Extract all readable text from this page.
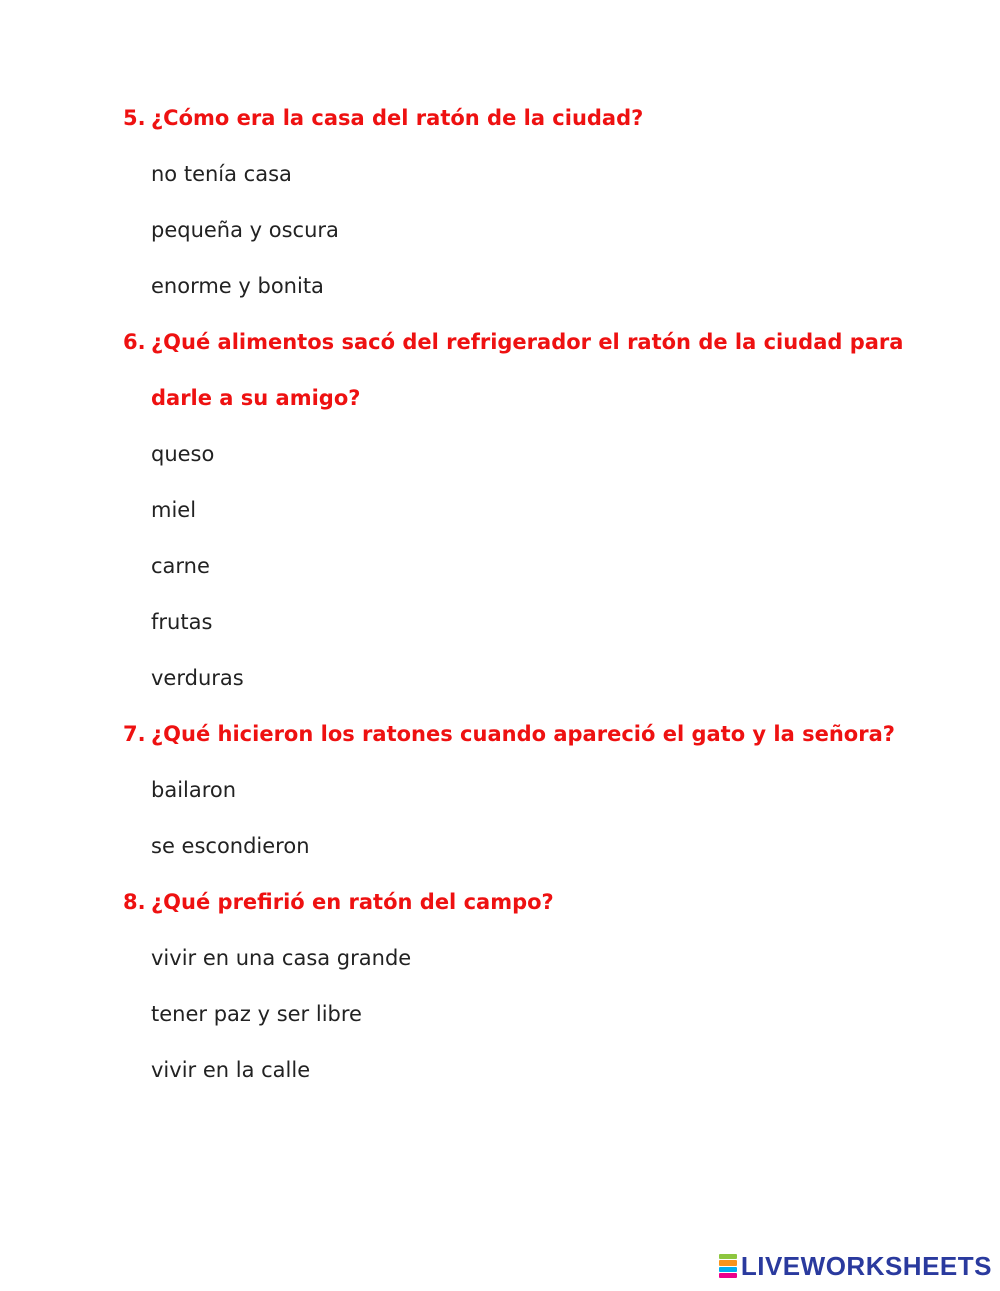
5. ¿Cómo era la casa del ratón de la ciudad?
no tenía casa
pequeña y oscura
enorme y bonita
6. ¿Qué alimentos sacó del refrigerador el ratón de la ciudad para
darle a su amigo?
queso
miel
carne
frutas
verduras
7. ¿Qué hicieron los ratones cuando apareció el gato y la señora?
bailaron
se escondieron
8. ¿Qué prefirió en ratón del campo?
vivir en una casa grande
tener paz y ser libre
vivir en la calle
LIVEWORKSHEETS
